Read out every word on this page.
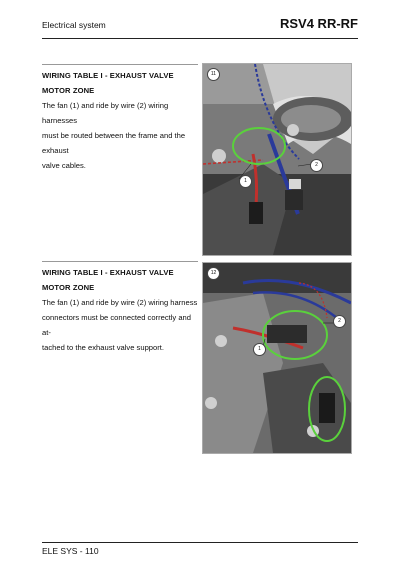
Electrical system	RSV4 RR-RF
WIRING TABLE I - EXHAUST VALVE MOTOR ZONE
The fan (1) and ride by wire (2) wiring harnesses
must be routed between the frame and the exhaust
valve cables.
11
1
2
WIRING TABLE I - EXHAUST VALVE MOTOR ZONE
The fan (1) and ride by wire (2) wiring harness
connectors must be connected correctly and at-
tached to the exhaust valve support.
12
1
2
ELE SYS - 110
